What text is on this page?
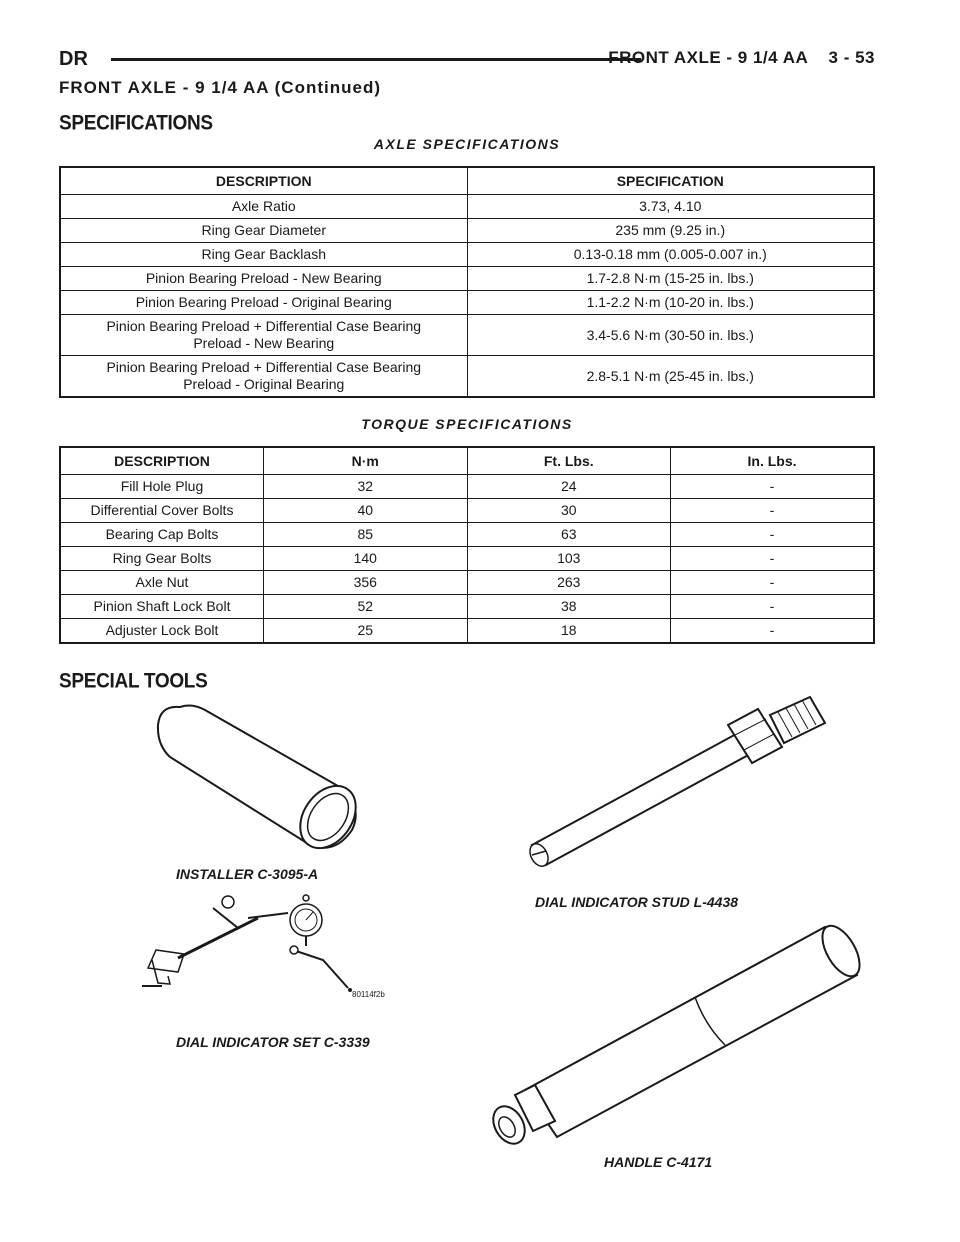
DR	FRONT AXLE - 9 1/4 AA    3 - 53
FRONT AXLE - 9 1/4 AA (Continued)
SPECIFICATIONS
AXLE SPECIFICATIONS
DESCRIPTION	SPECIFICATION
Axle Ratio	3.73, 4.10
Ring Gear Diameter	235 mm (9.25 in.)
Ring Gear Backlash	0.13-0.18 mm (0.005-0.007 in.)
Pinion Bearing Preload - New Bearing	1.7-2.8 N·m (15-25 in. lbs.)
Pinion Bearing Preload - Original Bearing	1.1-2.2 N·m (10-20 in. lbs.)

Pinion Bearing Preload + Differential Case Bearing
Preload - New Bearing	3.4-5.6 N·m (30-50 in. lbs.)

Pinion Bearing Preload + Differential Case Bearing
Preload - Original Bearing	2.8-5.1 N·m (25-45 in. lbs.)
TORQUE SPECIFICATIONS
DESCRIPTION	N·m	Ft. Lbs.	In. Lbs.
Fill Hole Plug	32	24	-
Differential Cover Bolts	40	30	-
Bearing Cap Bolts	85	63	-
Ring Gear Bolts	140	103	-
Axle Nut	356	263	-
Pinion Shaft Lock Bolt	52	38	-
Adjuster Lock Bolt	25	18	-
SPECIAL TOOLS
INSTALLER C-3095-A
DIAL INDICATOR STUD L-4438
80114f2b
DIAL INDICATOR SET C-3339
HANDLE C-4171
